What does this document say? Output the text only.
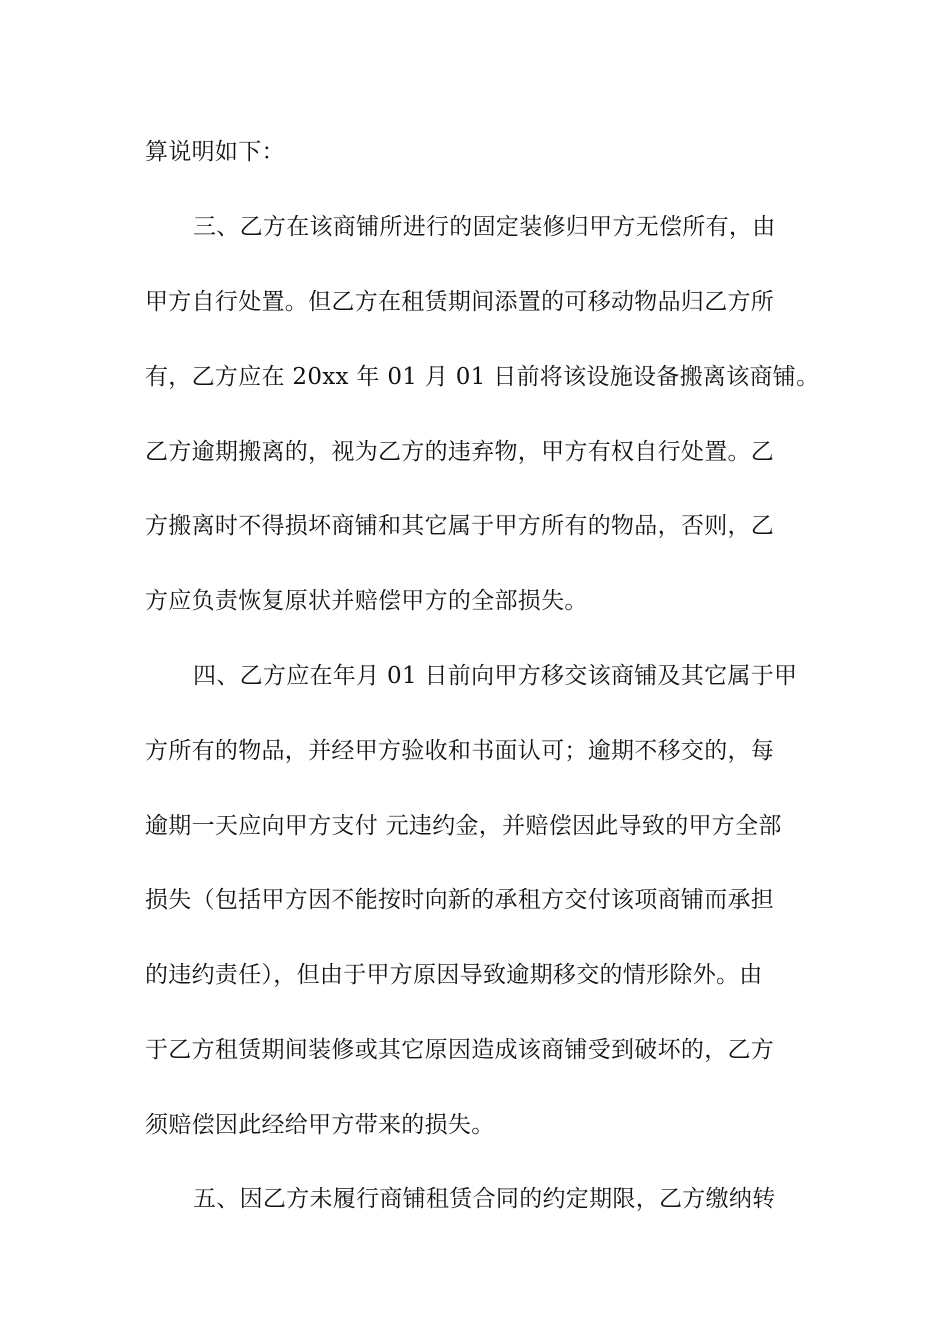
算说明如下：
三、乙方在该商铺所进行的固定装修归甲方无偿所有，由
甲方自行处置。但乙方在租赁期间添置的可移动物品归乙方所
有，乙方应在 20xx 年 01 月 01 日前将该设施设备搬离该商铺。
乙方逾期搬离的，视为乙方的违弃物，甲方有权自行处置。乙
方搬离时不得损坏商铺和其它属于甲方所有的物品，否则，乙
方应负责恢复原状并赔偿甲方的全部损失。
四、乙方应在年月 01 日前向甲方移交该商铺及其它属于甲
方所有的物品，并经甲方验收和书面认可；逾期不移交的，每
逾期一天应向甲方支付 元违约金，并赔偿因此导致的甲方全部
损失（包括甲方因不能按时向新的承租方交付该项商铺而承担
的违约责任），但由于甲方原因导致逾期移交的情形除外。由
于乙方租赁期间装修或其它原因造成该商铺受到破坏的，乙方
须赔偿因此经给甲方带来的损失。
五、因乙方未履行商铺租赁合同的约定期限，乙方缴纳转
